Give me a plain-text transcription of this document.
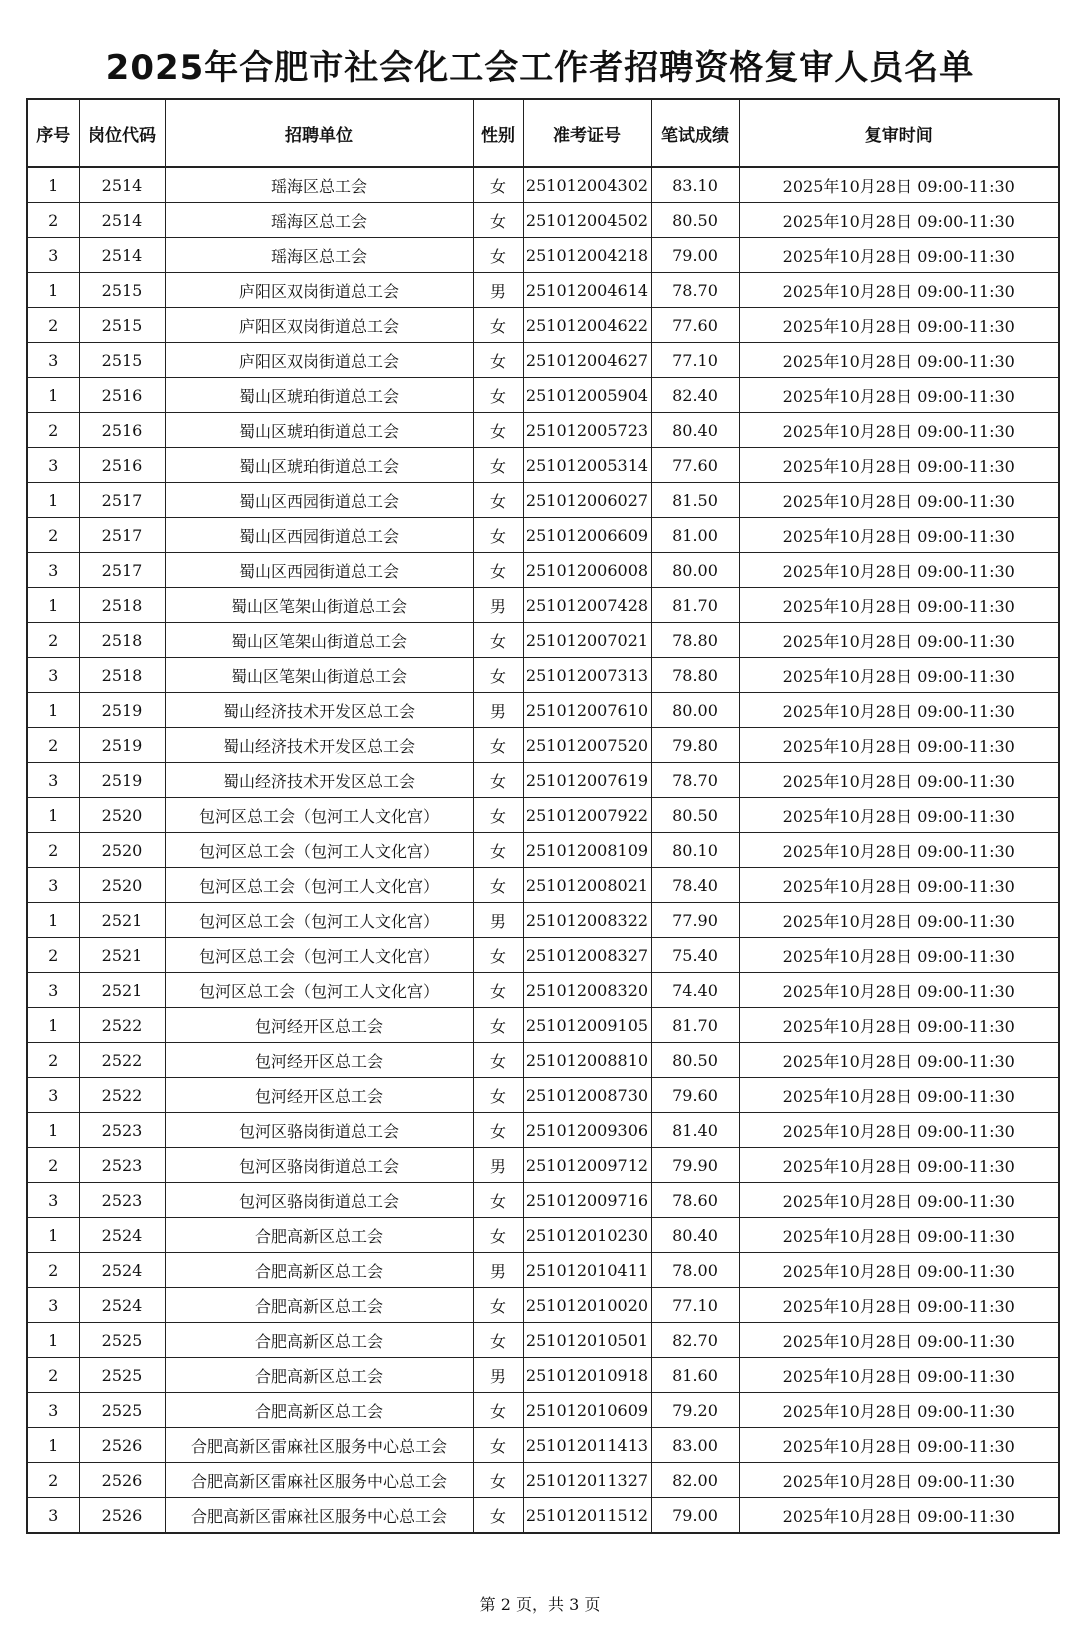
2025年合肥市社会化工会工作者招聘资格复审人员名单
序号	岗位代码	招聘单位	性别	准考证号	笔试成绩	复审时间
1	2514	瑶海区总工会	女	251012004302	83.10	2025年10月28日 09:00-11:30
2	2514	瑶海区总工会	女	251012004502	80.50	2025年10月28日 09:00-11:30
3	2514	瑶海区总工会	女	251012004218	79.00	2025年10月28日 09:00-11:30
1	2515	庐阳区双岗街道总工会	男	251012004614	78.70	2025年10月28日 09:00-11:30
2	2515	庐阳区双岗街道总工会	女	251012004622	77.60	2025年10月28日 09:00-11:30
3	2515	庐阳区双岗街道总工会	女	251012004627	77.10	2025年10月28日 09:00-11:30
1	2516	蜀山区琥珀街道总工会	女	251012005904	82.40	2025年10月28日 09:00-11:30
2	2516	蜀山区琥珀街道总工会	女	251012005723	80.40	2025年10月28日 09:00-11:30
3	2516	蜀山区琥珀街道总工会	女	251012005314	77.60	2025年10月28日 09:00-11:30
1	2517	蜀山区西园街道总工会	女	251012006027	81.50	2025年10月28日 09:00-11:30
2	2517	蜀山区西园街道总工会	女	251012006609	81.00	2025年10月28日 09:00-11:30
3	2517	蜀山区西园街道总工会	女	251012006008	80.00	2025年10月28日 09:00-11:30
1	2518	蜀山区笔架山街道总工会	男	251012007428	81.70	2025年10月28日 09:00-11:30
2	2518	蜀山区笔架山街道总工会	女	251012007021	78.80	2025年10月28日 09:00-11:30
3	2518	蜀山区笔架山街道总工会	女	251012007313	78.80	2025年10月28日 09:00-11:30
1	2519	蜀山经济技术开发区总工会	男	251012007610	80.00	2025年10月28日 09:00-11:30
2	2519	蜀山经济技术开发区总工会	女	251012007520	79.80	2025年10月28日 09:00-11:30
3	2519	蜀山经济技术开发区总工会	女	251012007619	78.70	2025年10月28日 09:00-11:30
1	2520	包河区总工会（包河工人文化宫）	女	251012007922	80.50	2025年10月28日 09:00-11:30
2	2520	包河区总工会（包河工人文化宫）	女	251012008109	80.10	2025年10月28日 09:00-11:30
3	2520	包河区总工会（包河工人文化宫）	女	251012008021	78.40	2025年10月28日 09:00-11:30
1	2521	包河区总工会（包河工人文化宫）	男	251012008322	77.90	2025年10月28日 09:00-11:30
2	2521	包河区总工会（包河工人文化宫）	女	251012008327	75.40	2025年10月28日 09:00-11:30
3	2521	包河区总工会（包河工人文化宫）	女	251012008320	74.40	2025年10月28日 09:00-11:30
1	2522	包河经开区总工会	女	251012009105	81.70	2025年10月28日 09:00-11:30
2	2522	包河经开区总工会	女	251012008810	80.50	2025年10月28日 09:00-11:30
3	2522	包河经开区总工会	女	251012008730	79.60	2025年10月28日 09:00-11:30
1	2523	包河区骆岗街道总工会	女	251012009306	81.40	2025年10月28日 09:00-11:30
2	2523	包河区骆岗街道总工会	男	251012009712	79.90	2025年10月28日 09:00-11:30
3	2523	包河区骆岗街道总工会	女	251012009716	78.60	2025年10月28日 09:00-11:30
1	2524	合肥高新区总工会	女	251012010230	80.40	2025年10月28日 09:00-11:30
2	2524	合肥高新区总工会	男	251012010411	78.00	2025年10月28日 09:00-11:30
3	2524	合肥高新区总工会	女	251012010020	77.10	2025年10月28日 09:00-11:30
1	2525	合肥高新区总工会	女	251012010501	82.70	2025年10月28日 09:00-11:30
2	2525	合肥高新区总工会	男	251012010918	81.60	2025年10月28日 09:00-11:30
3	2525	合肥高新区总工会	女	251012010609	79.20	2025年10月28日 09:00-11:30
1	2526	合肥高新区雷麻社区服务中心总工会	女	251012011413	83.00	2025年10月28日 09:00-11:30
2	2526	合肥高新区雷麻社区服务中心总工会	女	251012011327	82.00	2025年10月28日 09:00-11:30
3	2526	合肥高新区雷麻社区服务中心总工会	女	251012011512	79.00	2025年10月28日 09:00-11:30
第 2 页，共 3 页
